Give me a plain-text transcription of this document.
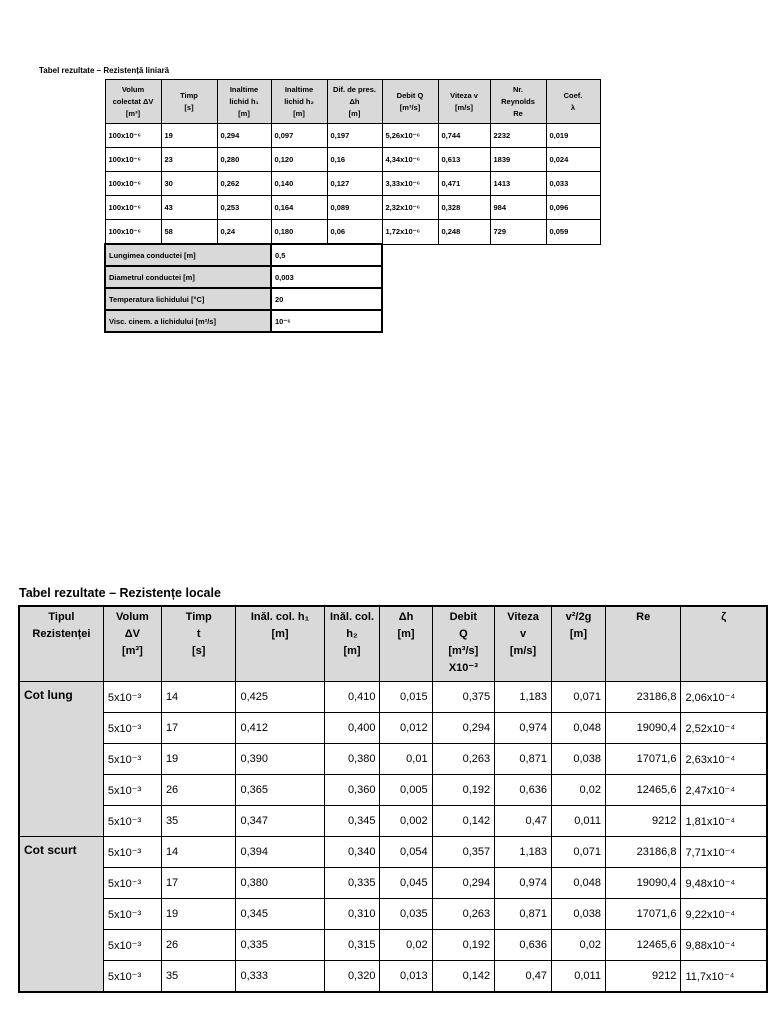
Tabel rezultate – Rezistență liniară
Volum
colectat ΔV
[m³]	Timp
[s]	Inaltime
lichid h₁
[m]	Inaltime
lichid h₂
[m]	Dif. de pres.
Δh
[m]	Debit Q
[m³/s]	Viteza v
[m/s]	Nr.
Reynolds
Re	Coef.
λ
100x10⁻⁶	19	0,294	0,097	0,197	5,26x10⁻⁶	0,744	2232	0,019
100x10⁻⁶	23	0,280	0,120	0,16	4,34x10⁻⁶	0,613	1839	0,024
100x10⁻⁶	30	0,262	0,140	0,127	3,33x10⁻⁶	0,471	1413	0,033
100x10⁻⁶	43	0,253	0,164	0,089	2,32x10⁻⁶	0,328	984	0,096
100x10⁻⁶	58	0,24	0,180	0,06	1,72x10⁻⁶	0,248	729	0,059
Lungimea conductei [m]			0,5					
Diametrul conductei [m]			0,003					
Temperatura lichidului [°C]			20					
Visc. cinem. a lichidului [m²/s]			10⁻⁶					
Tabel rezultate – Rezistențe locale
Tipul
Rezistenței	Volum
ΔV
[m³]	Timp
t
[s]	Inăl. col. h₁
[m]	Inăl. col.
h₂
[m]	Δh
[m]	Debit
Q
[m³/s]
X10⁻³	Viteza
v
[m/s]	v²/2g
[m]	Re	ζ
Cot lung	5x10⁻³	14	0,425	0,410	0,015	0,375	1,183	0,071	23186,8	2,06x10⁻⁴
	5x10⁻³	17	0,412	0,400	0,012	0,294	0,974	0,048	19090,4	2,52x10⁻⁴
	5x10⁻³	19	0,390	0,380	0,01	0,263	0,871	0,038	17071,6	2,63x10⁻⁴
	5x10⁻³	26	0,365	0,360	0,005	0,192	0,636	0,02	12465,6	2,47x10⁻⁴
	5x10⁻³	35	0,347	0,345	0,002	0,142	0,47	0,011	9212	1,81x10⁻⁴
Cot scurt	5x10⁻³	14	0,394	0,340	0,054	0,357	1,183	0,071	23186,8	7,71x10⁻⁴
	5x10⁻³	17	0,380	0,335	0,045	0,294	0,974	0,048	19090,4	9,48x10⁻⁴
	5x10⁻³	19	0,345	0,310	0,035	0,263	0,871	0,038	17071,6	9,22x10⁻⁴
	5x10⁻³	26	0,335	0,315	0,02	0,192	0,636	0,02	12465,6	9,88x10⁻⁴
	5x10⁻³	35	0,333	0,320	0,013	0,142	0,47	0,011	9212	11,7x10⁻⁴
